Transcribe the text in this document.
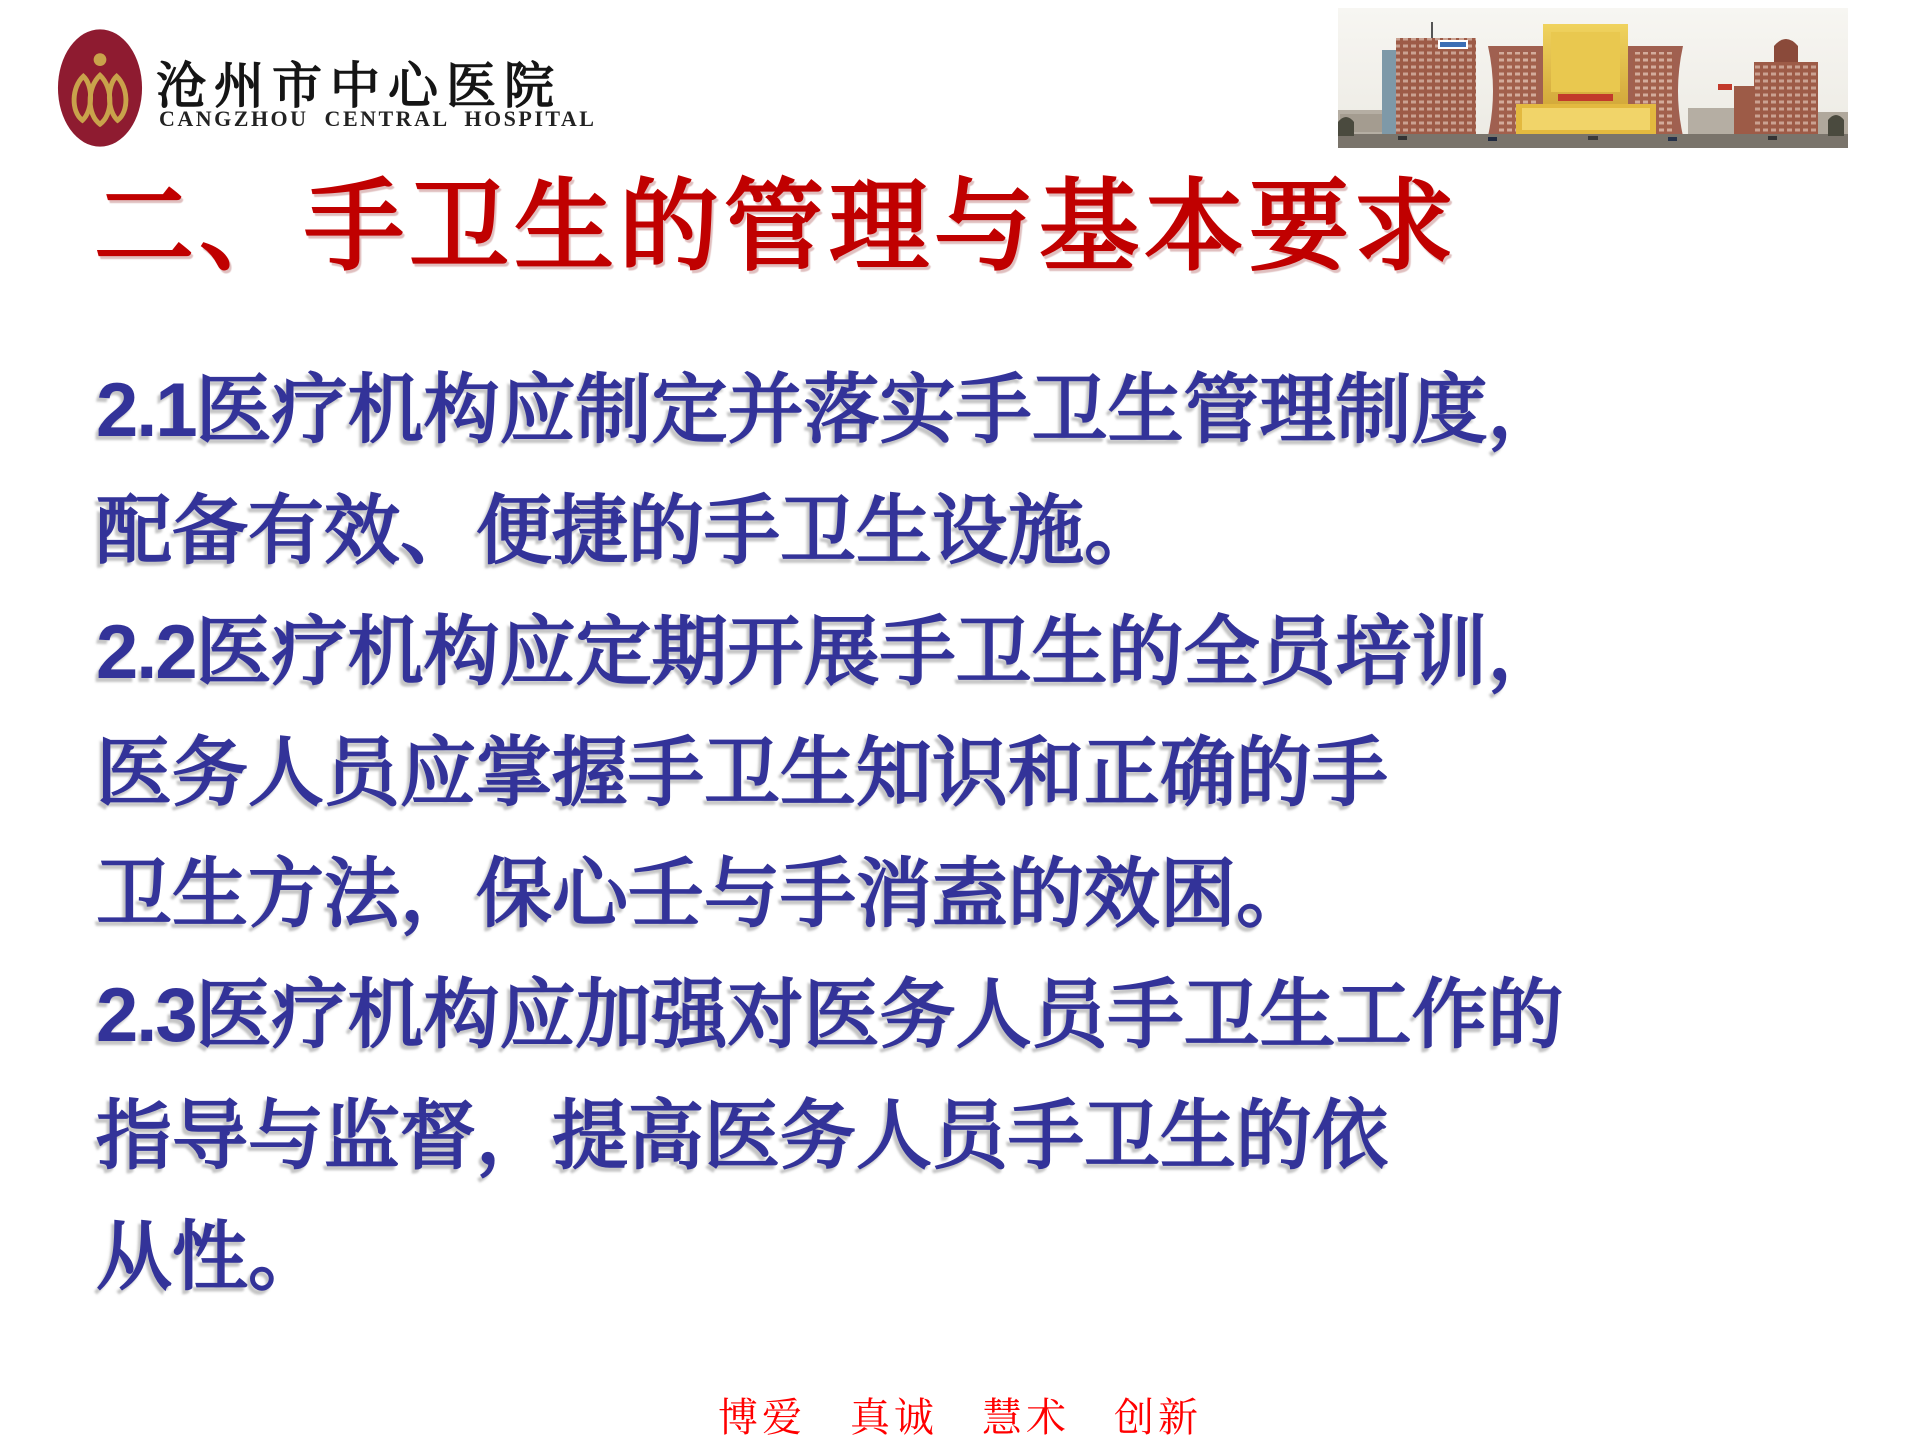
沧州市中心医院
CANGZHOU CENTRAL HOSPITAL
二、手卫生的管理与基本要求
2.1医疗机构应制定并落实手卫生管理制度，
配备有效、便捷的手卫生设施。
2.2医疗机构应定期开展手卫生的全员培训，
医务人员应掌握手卫生知识和正确的手
卫生方法，保心壬与手消盍的效困。
2.3医疗机构应加强对医务人员手卫生工作的
指导与监督，提高医务人员手卫生的依
从性。
博爱　真诚　慧术　创新
